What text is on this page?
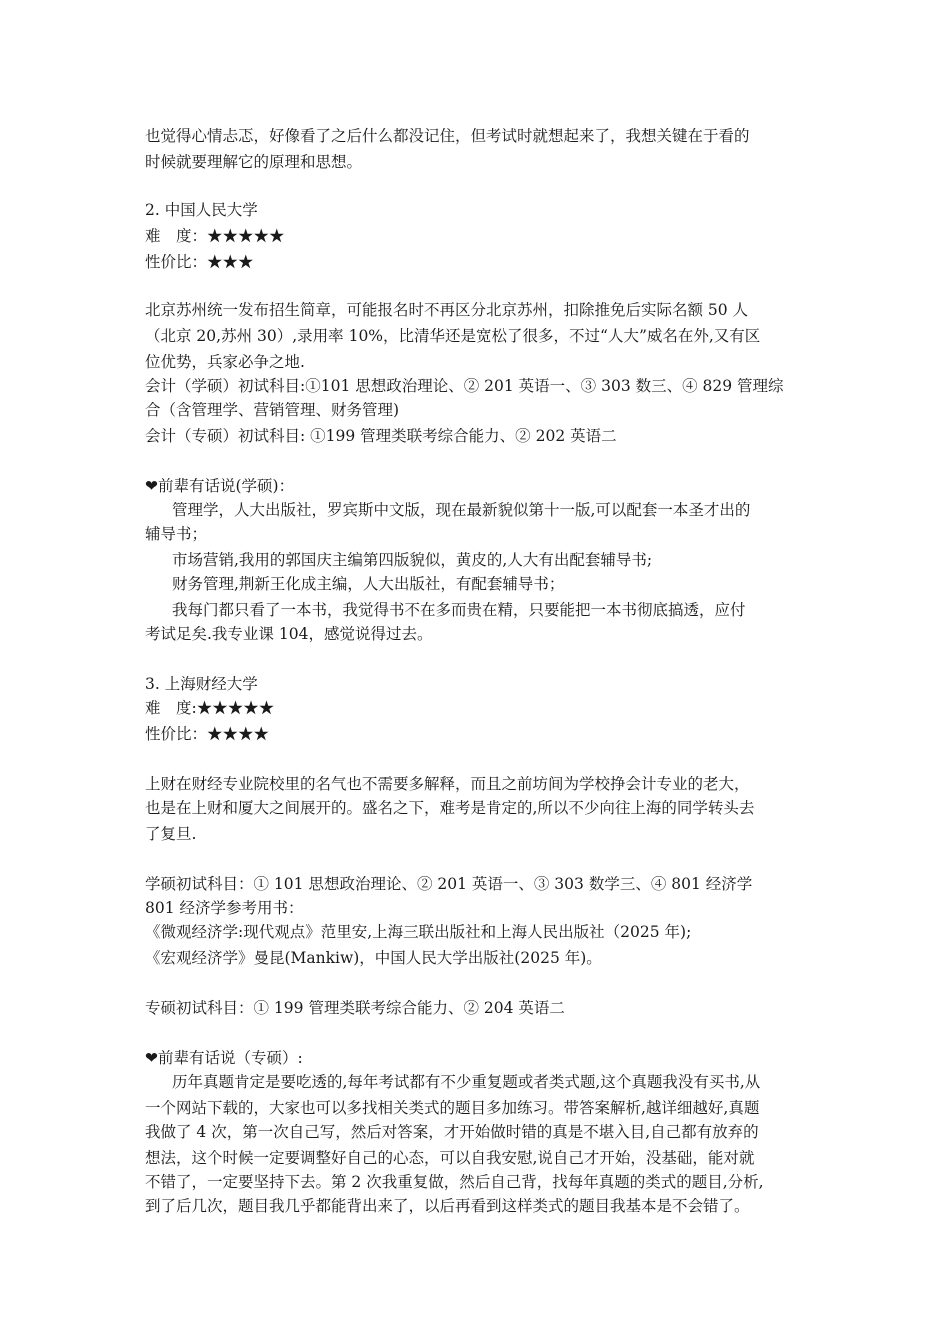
也觉得心情忐忑，好像看了之后什么都没记住，但考试时就想起来了，我想关键在于看的
时候就要理解它的原理和思想。
2. 中国人民大学
难　度：★★★★★
性价比：★★★
北京苏州统一发布招生简章，可能报名时不再区分北京苏州，扣除推免后实际名额 50 人
（北京 20,苏州 30）,录用率 10%，比清华还是宽松了很多，不过“人大”威名在外,又有区
位优势，兵家必争之地.
会计（学硕）初试科目:①101 思想政治理论、② 201 英语一、③ 303 数三、④ 829 管理综
合（含管理学、营销管理、财务管理)
会计（专硕）初试科目: ①199 管理类联考综合能力、② 202 英语二
❤前辈有话说(学硕)：
管理学，人大出版社，罗宾斯中文版，现在最新貌似第十一版,可以配套一本圣才出的
辅导书；
市场营销,我用的郭国庆主编第四版貌似，黄皮的,人大有出配套辅导书;
财务管理,荆新王化成主编，人大出版社，有配套辅导书；
我每门都只看了一本书，我觉得书不在多而贵在精，只要能把一本书彻底搞透，应付
考试足矣.我专业课 104，感觉说得过去。
3. 上海财经大学
难　度:★★★★★
性价比：★★★★
上财在财经专业院校里的名气也不需要多解释，而且之前坊间为学校挣会计专业的老大，
也是在上财和厦大之间展开的。盛名之下，难考是肯定的,所以不少向往上海的同学转头去
了复旦.
学硕初试科目：① 101 思想政治理论、② 201 英语一、③ 303 数学三、④ 801 经济学
801 经济学参考用书：
《微观经济学:现代观点》范里安,上海三联出版社和上海人民出版社（2025 年);
《宏观经济学》曼昆(Mankiw)，中国人民大学出版社(2025 年)。
专硕初试科目：① 199 管理类联考综合能力、② 204 英语二
❤前辈有话说（专硕）:
历年真题肯定是要吃透的,每年考试都有不少重复题或者类式题,这个真题我没有买书,从
一个网站下载的，大家也可以多找相关类式的题目多加练习。带答案解析,越详细越好,真题
我做了 4 次，第一次自己写，然后对答案，才开始做时错的真是不堪入目,自己都有放弃的
想法，这个时候一定要调整好自己的心态，可以自我安慰,说自己才开始，没基础，能对就
不错了，一定要坚持下去。第 2 次我重复做，然后自己背，找每年真题的类式的题目,分析,
到了后几次，题目我几乎都能背出来了，以后再看到这样类式的题目我基本是不会错了。
